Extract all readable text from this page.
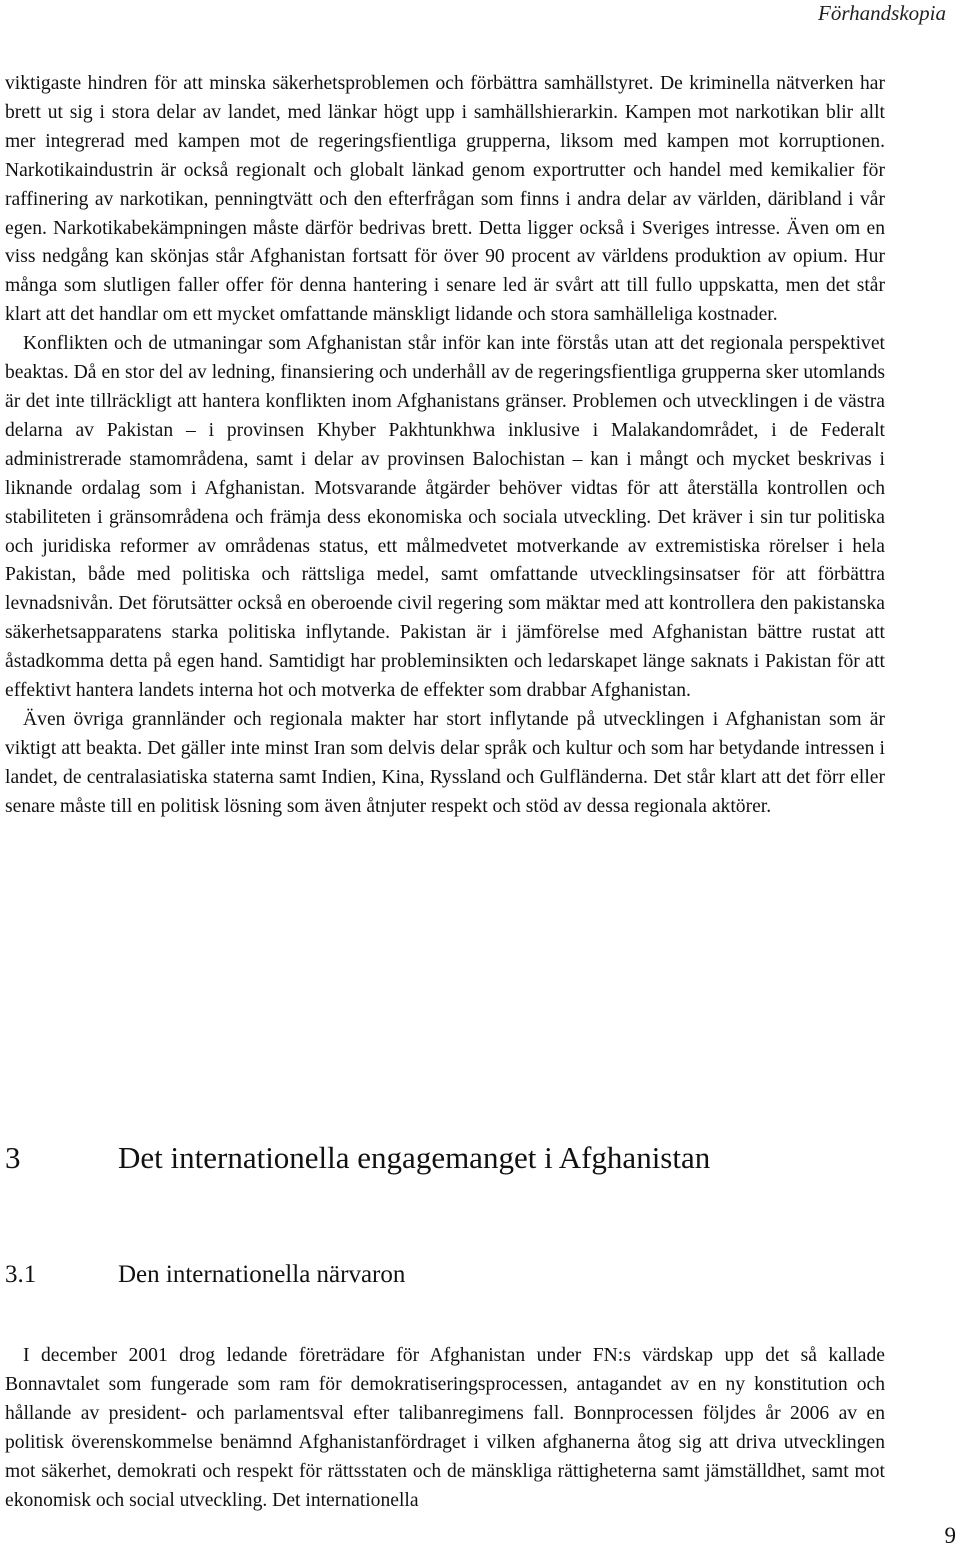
Förhandskopia

viktigaste hindren för att minska säkerhetsproblemen och förbättra samhällstyret. De kriminella nätverken har brett ut sig i stora delar av landet, med länkar högt upp i samhällshierarkin. Kampen mot narkotikan blir allt mer integrerad med kampen mot de regeringsfientliga grupperna, liksom med kampen mot korruptionen. Narkotikaindustrin är också regionalt och globalt länkad genom exportrutter och handel med kemikalier för raffinering av narkotikan, penningtvätt och den efterfrågan som finns i andra delar av världen, däribland i vår egen. Narkotikabekämpningen måste därför bedrivas brett. Detta ligger också i Sveriges intresse. Även om en viss nedgång kan skönjas står Afghanistan fortsatt för över 90 procent av världens produktion av opium. Hur många som slutligen faller offer för denna hantering i senare led är svårt att till fullo uppskatta, men det står klart att det handlar om ett mycket omfattande mänskligt lidande och stora samhälleliga kostnader.

Konflikten och de utmaningar som Afghanistan står inför kan inte förstås utan att det regionala perspektivet beaktas. Då en stor del av ledning, finansiering och underhåll av de regeringsfientliga grupperna sker utomlands är det inte tillräckligt att hantera konflikten inom Afghanistans gränser. Problemen och utvecklingen i de västra delarna av Pakistan – i provinsen Khyber Pakhtunkhwa inklusive i Malakandområdet, i de Federalt administrerade stamområdena, samt i delar av provinsen Balochistan – kan i mångt och mycket beskrivas i liknande ordalag som i Afghanistan. Motsvarande åtgärder behöver vidtas för att återställa kontrollen och stabiliteten i gränsområdena och främja dess ekonomiska och sociala utveckling. Det kräver i sin tur politiska och juridiska reformer av områdenas status, ett målmedvetet motverkande av extremistiska rörelser i hela Pakistan, både med politiska och rättsliga medel, samt omfattande utvecklingsinsatser för att förbättra levnadsnivån. Det förutsätter också en oberoende civil regering som mäktar med att kontrollera den pakistanska säkerhetsapparatens starka politiska inflytande. Pakistan är i jämförelse med Afghanistan bättre rustat att åstadkomma detta på egen hand. Samtidigt har probleminsikten och ledarskapet länge saknats i Pakistan för att effektivt hantera landets interna hot och motverka de effekter som drabbar Afghanistan.

Även övriga grannländer och regionala makter har stort inflytande på utvecklingen i Afghanistan som är viktigt att beakta. Det gäller inte minst Iran som delvis delar språk och kultur och som har betydande intressen i landet, de centralasiatiska staterna samt Indien, Kina, Ryssland och Gulfländerna. Det står klart att det förr eller senare måste till en politisk lösning som även åtnjuter respekt och stöd av dessa regionala aktörer.

3	Det internationella engagemanget i Afghanistan
3.1	Den internationella närvaron

I december 2001 drog ledande företrädare för Afghanistan under FN:s värdskap upp det så kallade Bonnavtalet som fungerade som ram för demokratiseringsprocessen, antagandet av en ny konstitution och hållande av president- och parlamentsval efter talibanregimens fall. Bonnprocessen följdes år 2006 av en politisk överenskommelse benämnd Afghanistanfördraget i vilken afghanerna åtog sig att driva utvecklingen mot säkerhet, demokrati och respekt för rättsstaten och de mänskliga rättigheterna samt jämställdhet, samt mot ekonomisk och social utveckling. Det internationella

9
